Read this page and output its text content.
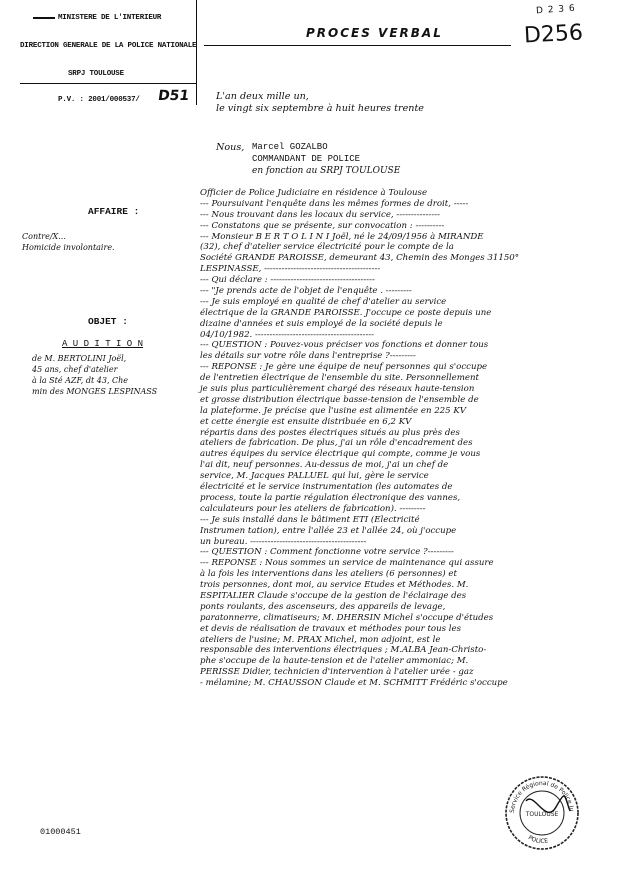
MINISTERE DE L'INTERIEUR
DIRECTION GENERALE DE LA POLICE NATIONALE
SRPJ TOULOUSE
P.V. : 2001/000537/ D51
PROCES VERBAL
D 2 3 6
D256
L'an deux mille un,
le vingt six septembre à huit heures trente
Nous, Marcel GOZALBO
COMMANDANT DE POLICE
en fonction au SRPJ TOULOUSE
AFFAIRE :
Contre/X...
Homicide involontaire.
OBJET :
A U D I T I O N
de M. BERTOLINI Joël,
45 ans, chef d'atelier
à la Sté AZF, dt 43, Che
min des MONGES LESPINASS
01000451
Officier de Police Judiciaire en résidence à Toulouse
--- Poursuivant l'enquête dans les mêmes formes de droit, -----
--- Nous trouvant dans les locaux du service, ---------------
--- Constatons que se présente, sur convocation : ----------
--- Monsieur B E R T O L I N I Joël, né le 24/09/1956 à MIRANDE
(32), chef d'atelier service électricité pour le compte de la
Société GRANDE PAROISSE, demeurant 43, Chemin des Monges 31150°
LESPINASSE, ----------------------------------------
--- Qui déclare : ------------------------------------
--- "Je prends acte de l'objet de l'enquête . ---------
--- Je suis employé en qualité de chef d'atelier au service
électrique de la GRANDE PAROISSE. J'occupe ce poste depuis une
dizaine d'années et suis employé de la société depuis le
04/10/1982. -----------------------------------------
--- QUESTION : Pouvez-vous préciser vos fonctions et donner tous
les détails sur votre rôle dans l'entreprise ?---------
--- REPONSE : Je gère une équipe de neuf personnes qui s'occupe
de l'entretien électrique de l'ensemble du site. Personnellement
je suis plus particulièrement chargé des réseaux haute-tension
et grosse distribution électrique basse-tension de l'ensemble de
la plateforme. Je précise que l'usine est alimentée en 225 KV
et cette énergie est ensuite distribuée en 6,2 KV
répartis dans des postes électriques situés au plus près des
ateliers de fabrication. De plus, j'ai un rôle d'encadrement des
autres équipes du service électrique qui compte, comme je vous
l'ai dit, neuf personnes. Au-dessus de moi, j'ai un chef de
service, M. Jacques PALLUEL qui lui, gère le service
électricité et le service instrumentation (les automates de
process, toute la partie régulation électronique des vannes,
calculateurs pour les ateliers de fabrication). ---------
--- Je suis installé dans le bâtiment ETI (Electricité
Instrumen tation), entre l'allée 23 et l'allée 24, où j'occupe
un bureau. ----------------------------------------
--- QUESTION : Comment fonctionne votre service ?---------
--- REPONSE : Nous sommes un service de maintenance qui assure
à la fois les interventions dans les ateliers (6 personnes) et
trois personnes, dont moi, au service Etudes et Méthodes. M.
ESPITALIER Claude s'occupe de la gestion de l'éclairage des
ponts roulants, des ascenseurs, des appareils de levage,
paratonnerre, climatiseurs; M. DHERSIN Michel s'occupe d'études
et devis de réalisation de travaux et méthodes pour tous les
ateliers de l'usine; M. PRAX Michel, mon adjoint, est le
responsable des interventions électriques ; M.ALBA Jean-Christo-
phe s'occupe de la haute-tension et de l'atelier ammoniac; M.
PERISSE Didier, technicien d'intervention à l'atelier urée - gaz
- mélamine; M. CHAUSSON Claude et M. SCHMITT Frédéric s'occupe
Service Régional de Police Ju
TOULOUSE
POLICE
